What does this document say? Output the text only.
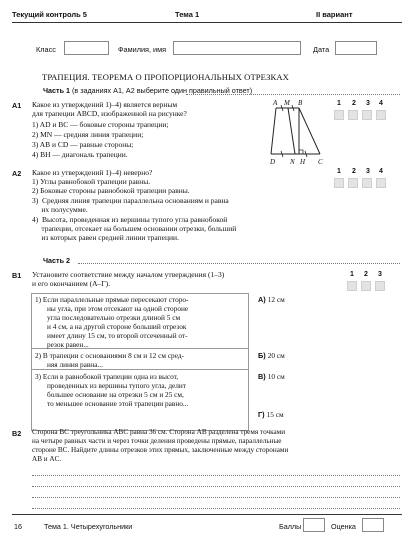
Текущий контроль 5	Тема 1	II вариант
Класс	Фамилия, имя	Дата
ТРАПЕЦИЯ. ТЕОРЕМА О ПРОПОРЦИОНАЛЬНЫХ ОТРЕЗКАХ
Часть 1 (в заданиях А1, А2 выберите один правильный ответ)
А1 Какое из утверждений 1)–4) является верным
для трапеции ABCD, изображенной на рисунке?
1) AD и BC — боковые стороны трапеции;
2) MN — средняя линия трапеции;
3) AB и CD — равные стороны;
4) BH — диагональ трапеции.
A M B
D N H C
1 2 3 4
А2 Какое из утверждений 1)–4) неверно?
1) Углы равнобокой трапеции равны.
2) Боковые стороны равнобокой трапеции равны.
3)  Средняя линия трапеции параллельна основаниям и равна
их полусумме.
4)  Высота, проведенная из вершины тупого угла равнобокой
трапеции, отсекает на большем основании отрезки, больший
из которых равен средней линии трапеции.
1 2 3 4
Часть 2
В1 Установите соответствие между началом утверждения (1–3)
и его окончанием (А–Г).
1 2 3
1) Если параллельные прямые пересекают сторо-
ны угла, при этом отсекают на одной стороне
угла последовательно отрезки длиной 5 см
и 4 см, а на другой стороне больший отрезок
имеет длину 15 см, то второй отсеченный от-
резок равен...
2) В трапеции с основаниями 8 см и 12 см сред-
няя линия равна...
3) Если в равнобокой трапеции одна из высот,
проведенных из вершины тупого угла, делит
большее основание на отрезки 5 см и 25 см,
то меньшее основание этой трапеции равно...
А) 12 см
Б) 20 см
В) 10 см
Г) 15 см
В2 Сторона BC треугольника ABC равна 36 см. Сторона AB разделена тремя точками
на четыре равных части и через точки деления проведены прямые, параллельные
стороне BC. Найдите длины отрезков этих прямых, заключенные между сторонами
AB и AC.
16	Тема 1. Четырехугольники	Баллы	Оценка
